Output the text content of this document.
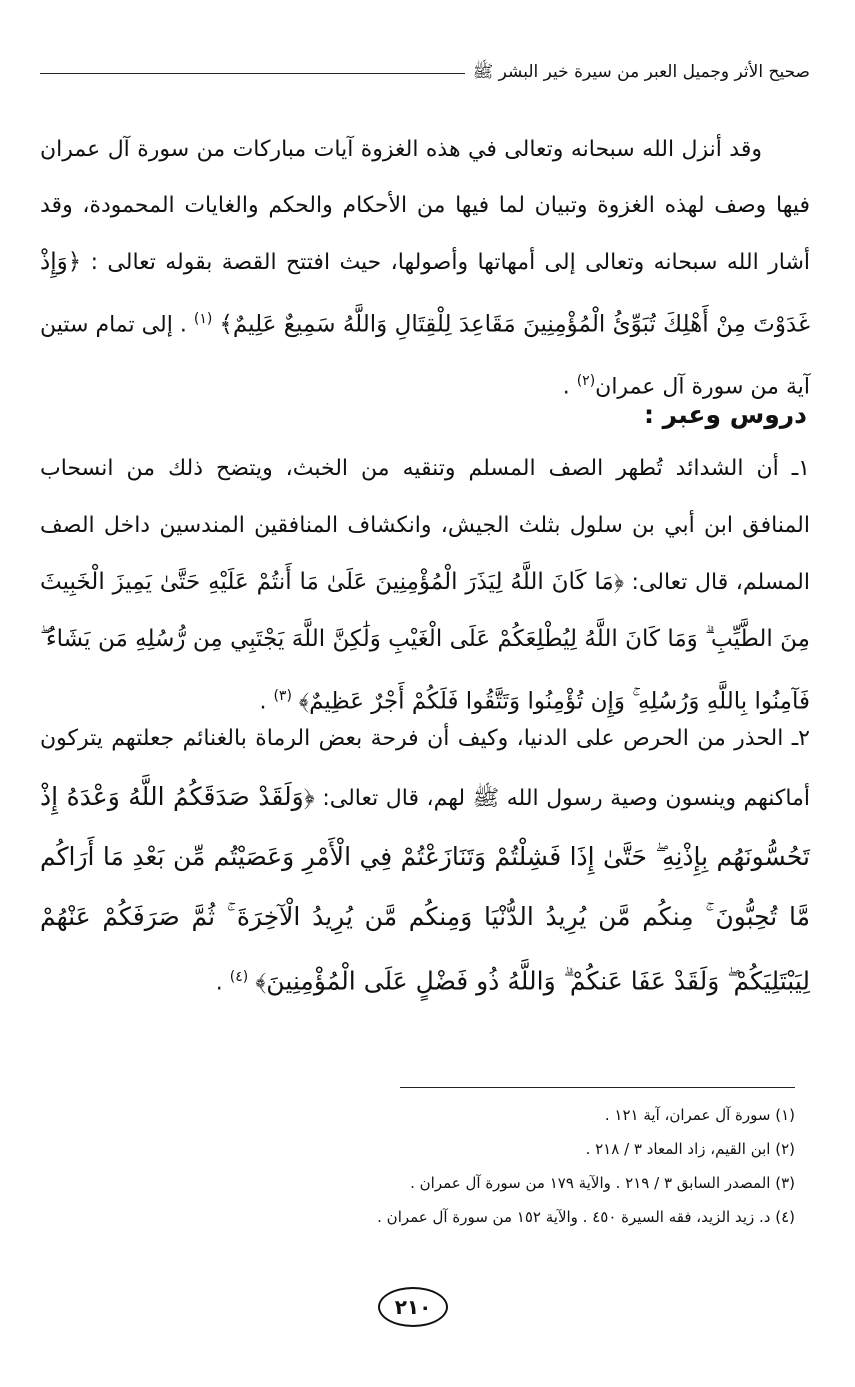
صحيح الأثر وجميل العبر من سيرة خير البشر ﷺ

وقد أنزل الله سبحانه وتعالى في هذه الغزوة آيات مباركات من سورة آل عمران فيها وصف لهذه الغزوة وتبيان لما فيها من الأحكام والحكم والغايات المحمودة، وقد أشار الله سبحانه وتعالى إلى أمهاتها وأصولها، حيث افتتح القصة بقوله تعالى : ﴿وَإِذْ غَدَوْتَ مِنْ أَهْلِكَ تُبَوِّئُ الْمُؤْمِنِينَ مَقَاعِدَ لِلْقِتَالِ وَاللَّهُ سَمِيعٌ عَلِيمٌ﴾ $^{(١)}$ . إلى تمام ستين آية من سورة آل عمران$^{(٢)}$ .

دروس وعبر :
١ـ أن الشدائد تُطهر الصف المسلم وتنقيه من الخبث، ويتضح ذلك من انسحاب المنافق ابن أبي بن سلول بثلث الجيش، وانكشاف المنافقين المندسين داخل الصف المسلم، قال تعالى: ﴿مَا كَانَ اللَّهُ لِيَذَرَ الْمُؤْمِنِينَ عَلَىٰ مَا أَنتُمْ عَلَيْهِ حَتَّىٰ يَمِيزَ الْخَبِيثَ مِنَ الطَّيِّبِ ۗ وَمَا كَانَ اللَّهُ لِيُطْلِعَكُمْ عَلَى الْغَيْبِ وَلَٰكِنَّ اللَّهَ يَجْتَبِي مِن رُّسُلِهِ مَن يَشَاءُ ۖ فَآمِنُوا بِاللَّهِ وَرُسُلِهِ ۚ وَإِن تُؤْمِنُوا وَتَتَّقُوا فَلَكُمْ أَجْرٌ عَظِيمٌ﴾ $^{(٣)}$ .
٢ـ الحذر من الحرص على الدنيا، وكيف أن فرحة بعض الرماة بالغنائم جعلتهم يتركون أماكنهم وينسون وصية رسول الله ﷺ لهم، قال تعالى: ﴿وَلَقَدْ صَدَقَكُمُ اللَّهُ وَعْدَهُ إِذْ تَحُسُّونَهُم بِإِذْنِهِ ۖ حَتَّىٰ إِذَا فَشِلْتُمْ وَتَنَازَعْتُمْ فِي الْأَمْرِ وَعَصَيْتُم مِّن بَعْدِ مَا أَرَاكُم مَّا تُحِبُّونَ ۚ مِنكُم مَّن يُرِيدُ الدُّنْيَا وَمِنكُم مَّن يُرِيدُ الْآخِرَةَ ۚ ثُمَّ صَرَفَكُمْ عَنْهُمْ لِيَبْتَلِيَكُمْ ۖ وَلَقَدْ عَفَا عَنكُمْ ۗ وَاللَّهُ ذُو فَضْلٍ عَلَى الْمُؤْمِنِينَ﴾ $^{(٤)}$ .
(١) سورة آل عمران، آية ١٢١ .
(٢) ابن القيم، زاد المعاد ٣ / ٢١٨ .
(٣) المصدر السابق ٣ / ٢١٩ . والآية ١٧٩ من سورة آل عمران .
(٤) د. زيد الزيد، فقه السيرة ٤٥٠ . والآية ١٥٢ من سورة آل عمران .
٢١٠
